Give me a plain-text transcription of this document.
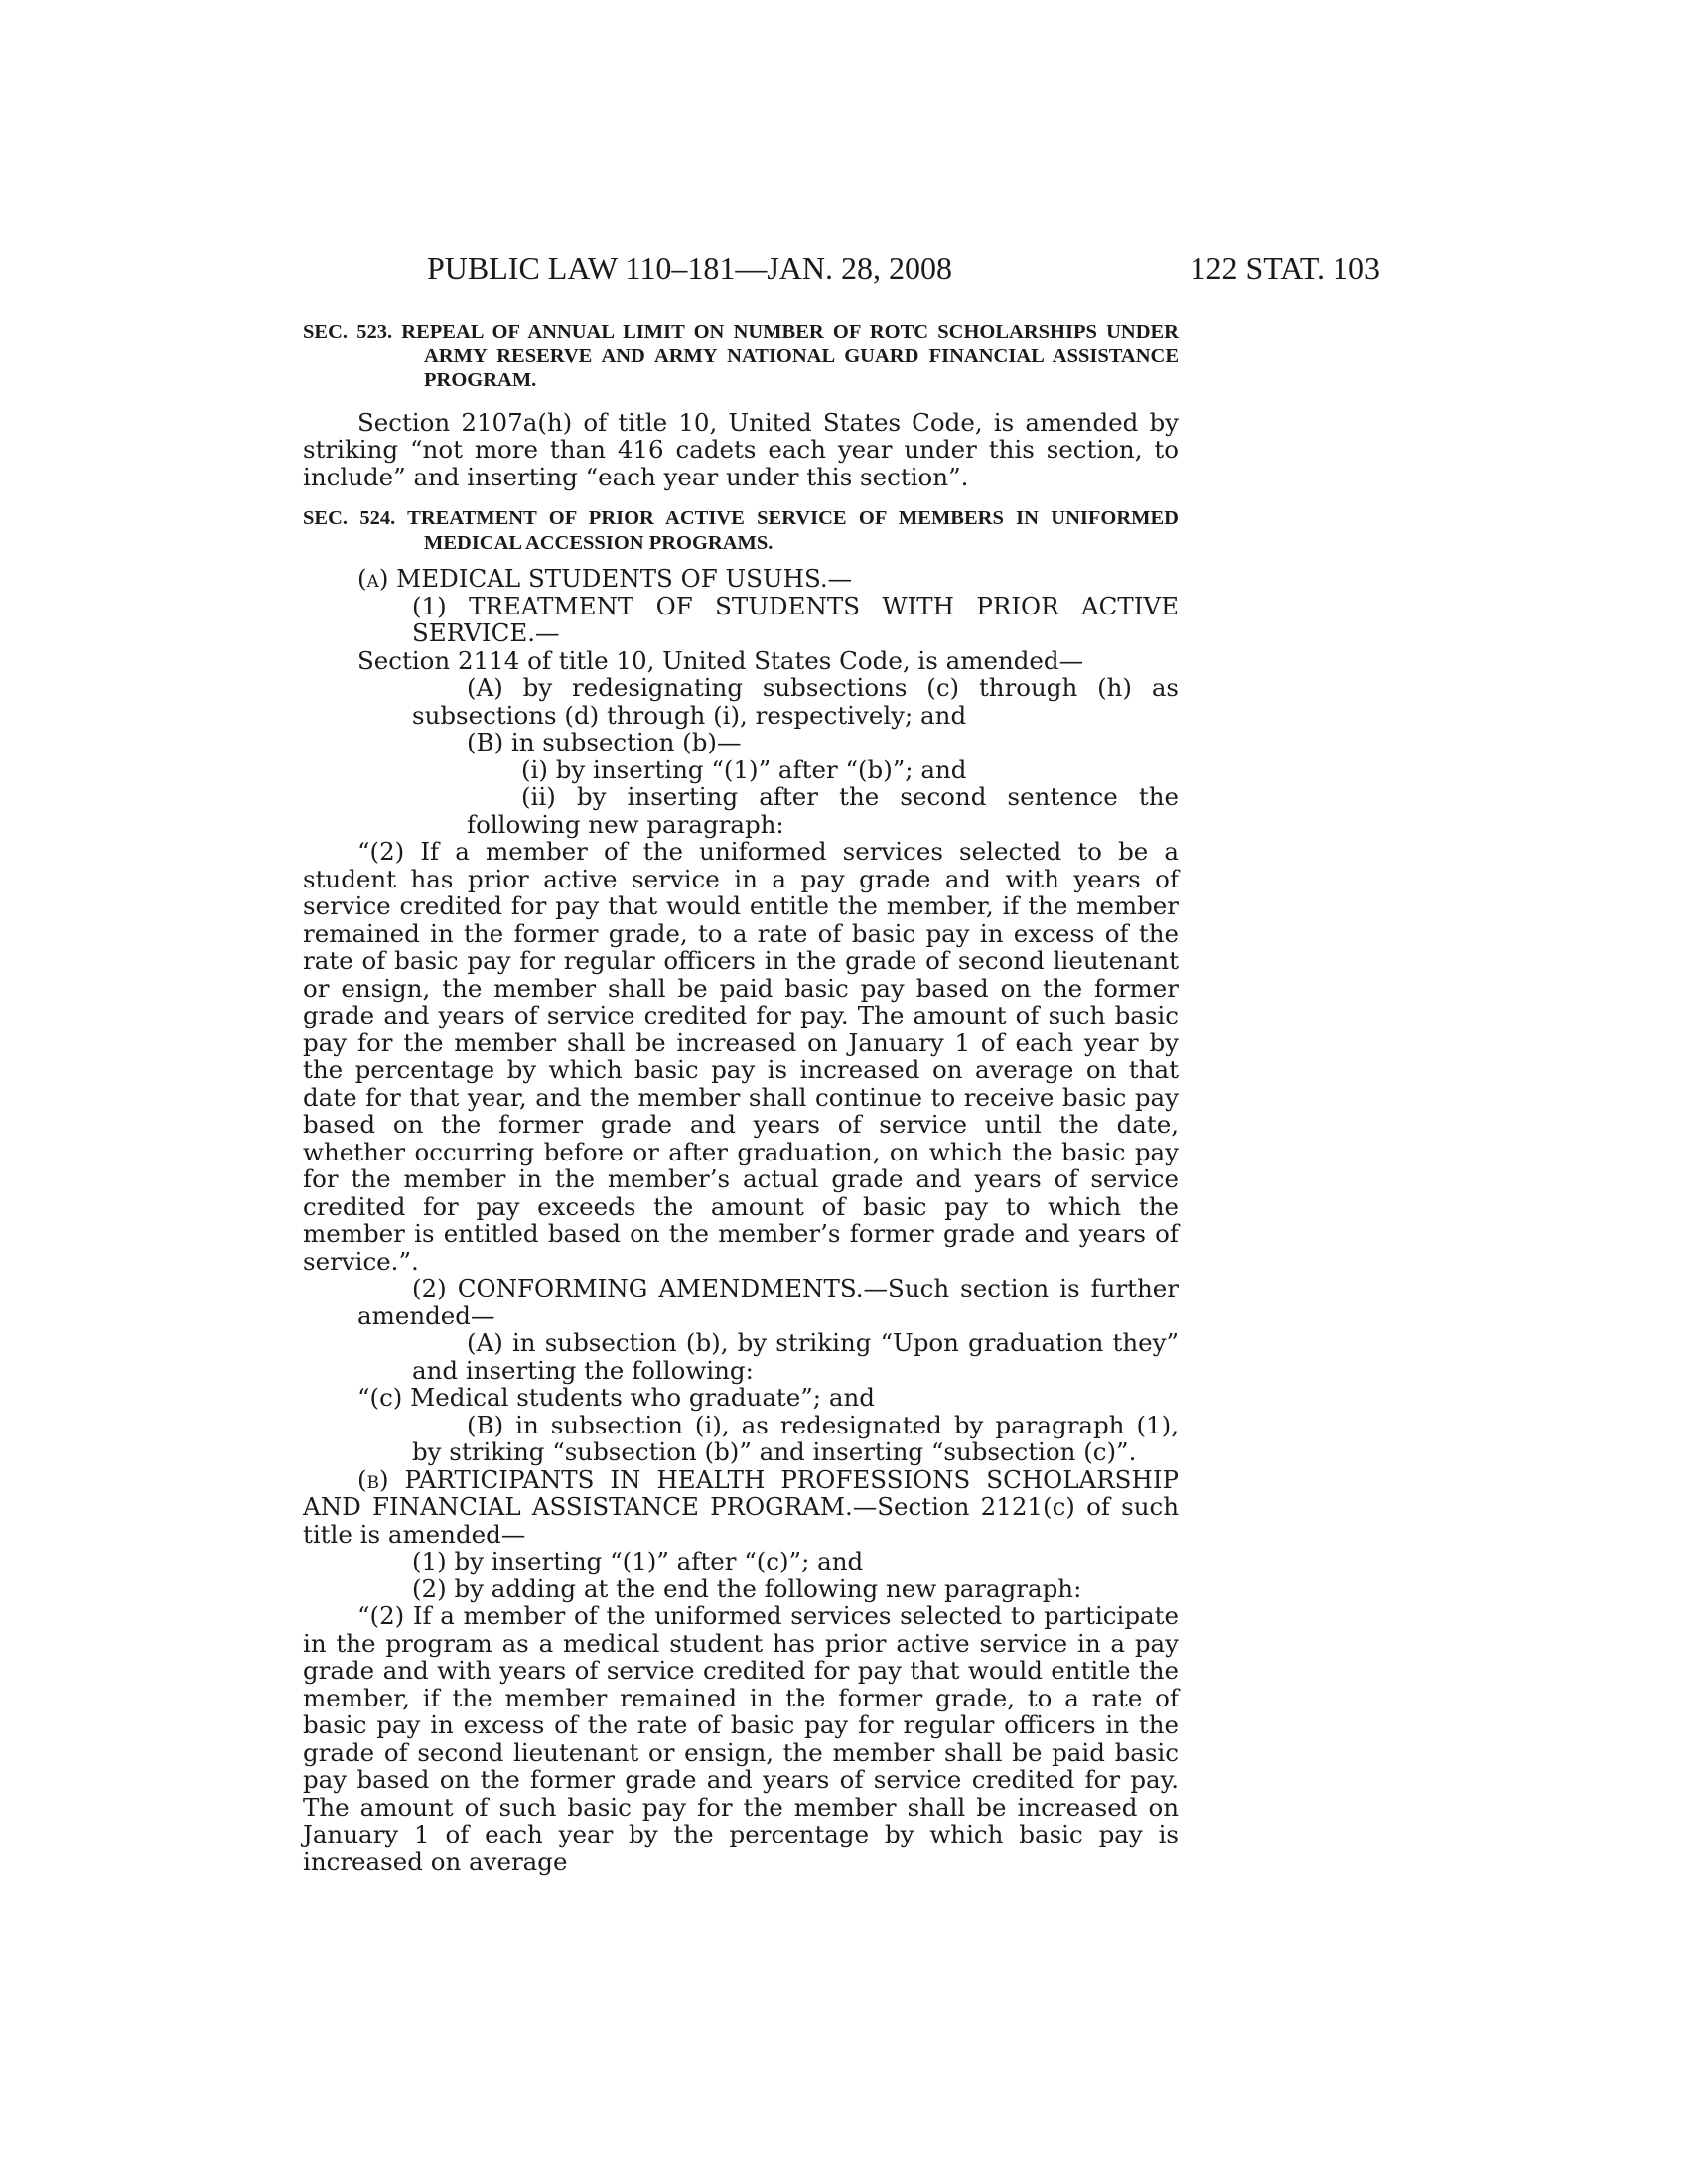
PUBLIC LAW 110–181—JAN. 28, 2008	122 STAT. 103

SEC. 523. REPEAL OF ANNUAL LIMIT ON NUMBER OF ROTC SCHOLARSHIPS UNDER ARMY RESERVE AND ARMY NATIONAL GUARD FINANCIAL ASSISTANCE PROGRAM.

Section 2107a(h) of title 10, United States Code, is amended by striking “not more than 416 cadets each year under this section, to include” and inserting “each year under this section”.

SEC. 524. TREATMENT OF PRIOR ACTIVE SERVICE OF MEMBERS IN UNIFORMED MEDICAL ACCESSION PROGRAMS.

(a) MEDICAL STUDENTS OF USUHS.—

(1) TREATMENT OF STUDENTS WITH PRIOR ACTIVE SERVICE.—

Section 2114 of title 10, United States Code, is amended—

(A) by redesignating subsections (c) through (h) as subsections (d) through (i), respectively; and

(B) in subsection (b)—

(i) by inserting “(1)” after “(b)”; and

(ii) by inserting after the second sentence the following new paragraph:

“(2) If a member of the uniformed services selected to be a student has prior active service in a pay grade and with years of service credited for pay that would entitle the member, if the member remained in the former grade, to a rate of basic pay in excess of the rate of basic pay for regular officers in the grade of second lieutenant or ensign, the member shall be paid basic pay based on the former grade and years of service credited for pay. The amount of such basic pay for the member shall be increased on January 1 of each year by the percentage by which basic pay is increased on average on that date for that year, and the member shall continue to receive basic pay based on the former grade and years of service until the date, whether occurring before or after graduation, on which the basic pay for the member in the member’s actual grade and years of service credited for pay exceeds the amount of basic pay to which the member is entitled based on the member’s former grade and years of service.”.

(2) CONFORMING AMENDMENTS.—Such section is further amended—

(A) in subsection (b), by striking “Upon graduation they” and inserting the following:

“(c) Medical students who graduate”; and

(B) in subsection (i), as redesignated by paragraph (1), by striking “subsection (b)” and inserting “subsection (c)”.

(b) PARTICIPANTS IN HEALTH PROFESSIONS SCHOLARSHIP AND FINANCIAL ASSISTANCE PROGRAM.—Section 2121(c) of such title is amended—

(1) by inserting “(1)” after “(c)”; and

(2) by adding at the end the following new paragraph:

“(2) If a member of the uniformed services selected to participate in the program as a medical student has prior active service in a pay grade and with years of service credited for pay that would entitle the member, if the member remained in the former grade, to a rate of basic pay in excess of the rate of basic pay for regular officers in the grade of second lieutenant or ensign, the member shall be paid basic pay based on the former grade and years of service credited for pay. The amount of such basic pay for the member shall be increased on January 1 of each year by the percentage by which basic pay is increased on average
